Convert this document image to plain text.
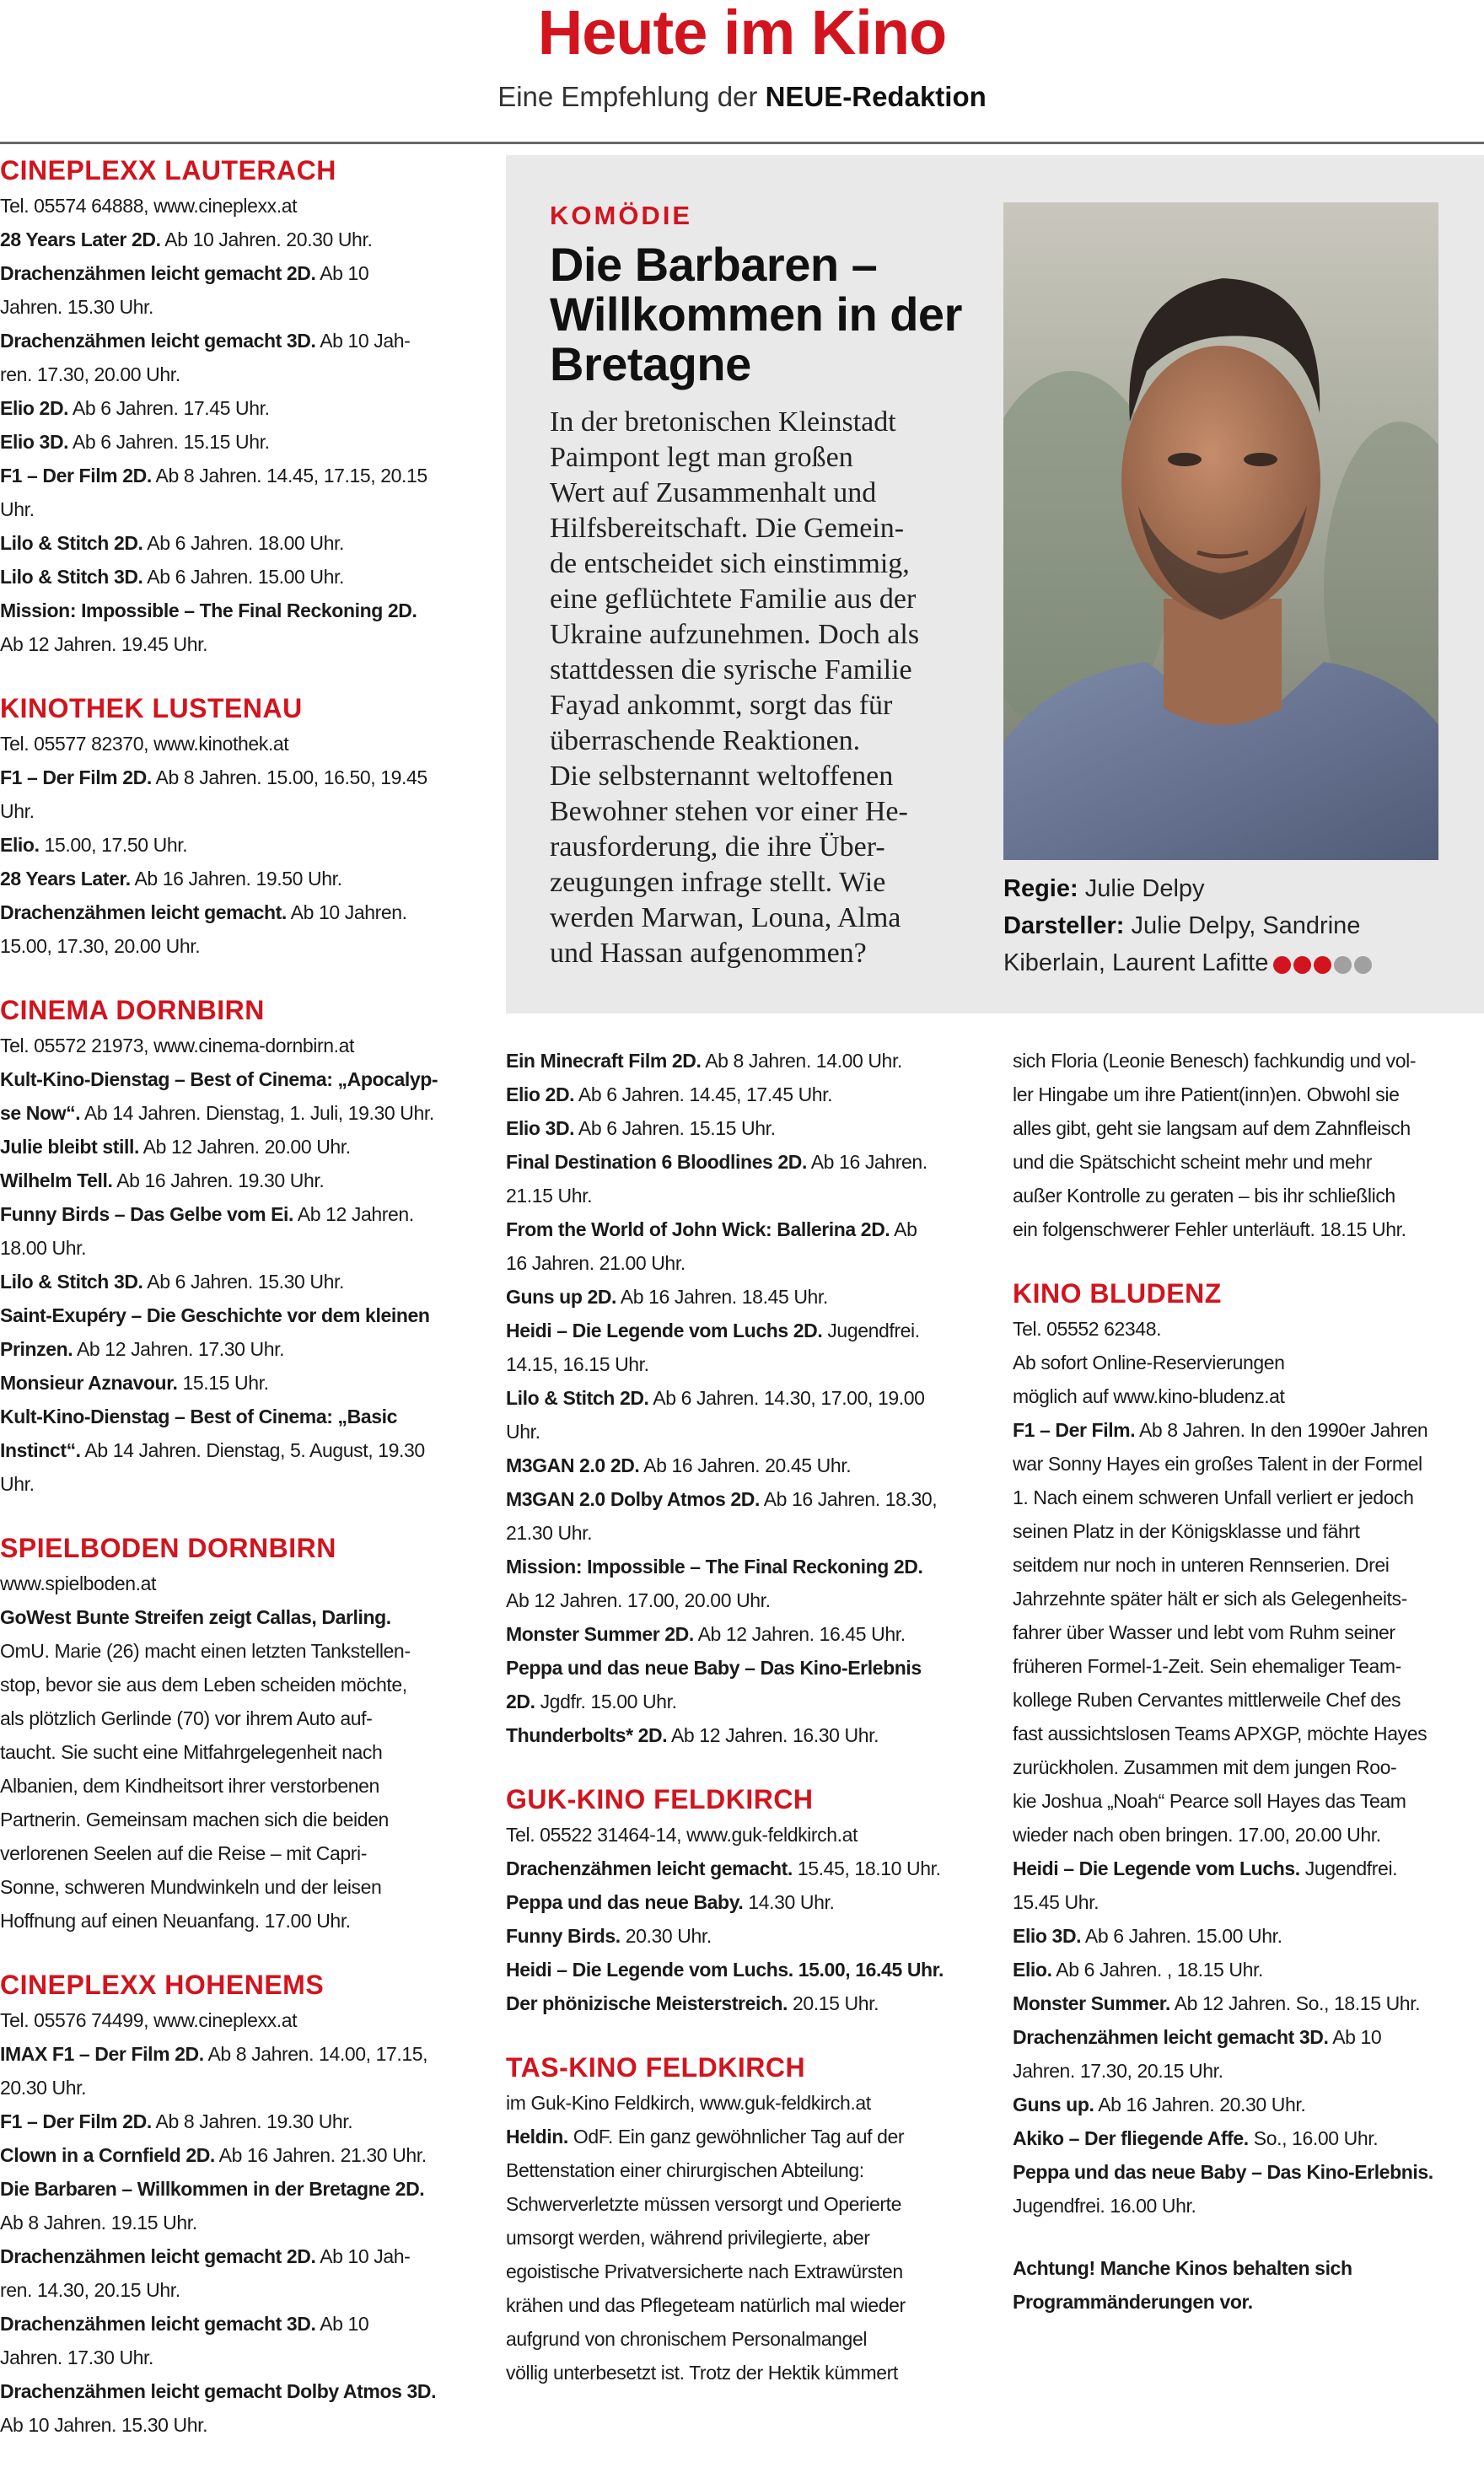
Heute im Kino
Eine Empfehlung der NEUE-Redaktion
CINEPLEXX LAUTERACH

Tel. 05574 64888, www.cineplexx.at

28 Years Later 2D. Ab 10 Jahren. 20.30 Uhr.

Drachenzähmen leicht gemacht 2D. Ab 10

Jahren. 15.30 Uhr.

Drachenzähmen leicht gemacht 3D. Ab 10 Jah-

ren. 17.30, 20.00 Uhr.

Elio 2D. Ab 6 Jahren. 17.45 Uhr.

Elio 3D. Ab 6 Jahren. 15.15 Uhr.

F1 – Der Film 2D. Ab 8 Jahren. 14.45, 17.15, 20.15

Uhr.

Lilo & Stitch 2D. Ab 6 Jahren. 18.00 Uhr.

Lilo & Stitch 3D. Ab 6 Jahren. 15.00 Uhr.

Mission: Impossible – The Final Reckoning 2D.

Ab 12 Jahren. 19.45 Uhr.

KINOTHEK LUSTENAU

Tel. 05577 82370, www.kinothek.at

F1 – Der Film 2D. Ab 8 Jahren. 15.00, 16.50, 19.45

Uhr.

Elio. 15.00, 17.50 Uhr.

28 Years Later. Ab 16 Jahren. 19.50 Uhr.

Drachenzähmen leicht gemacht. Ab 10 Jahren.

15.00, 17.30, 20.00 Uhr.

CINEMA DORNBIRN

Tel. 05572 21973, www.cinema-dornbirn.at

Kult-Kino-Dienstag – Best of Cinema: „Apocalyp-

se Now“. Ab 14 Jahren. Dienstag, 1. Juli, 19.30 Uhr.

Julie bleibt still. Ab 12 Jahren. 20.00 Uhr.

Wilhelm Tell. Ab 16 Jahren. 19.30 Uhr.

Funny Birds – Das Gelbe vom Ei. Ab 12 Jahren.

18.00 Uhr.

Lilo & Stitch 3D. Ab 6 Jahren. 15.30 Uhr.

Saint-Exupéry – Die Geschichte vor dem kleinen

Prinzen. Ab 12 Jahren. 17.30 Uhr.

Monsieur Aznavour. 15.15 Uhr.

Kult-Kino-Dienstag – Best of Cinema: „Basic

Instinct“. Ab 14 Jahren. Dienstag, 5. August, 19.30

Uhr.

SPIELBODEN DORNBIRN

www.spielboden.at

GoWest Bunte Streifen zeigt Callas, Darling.

OmU. Marie (26) macht einen letzten Tankstellen-

stop, bevor sie aus dem Leben scheiden möchte,

als plötzlich Gerlinde (70) vor ihrem Auto auf-

taucht. Sie sucht eine Mitfahrgelegenheit nach

Albanien, dem Kindheitsort ihrer verstorbenen

Partnerin. Gemeinsam machen sich die beiden

verlorenen Seelen auf die Reise – mit Capri-

Sonne, schweren Mundwinkeln und der leisen

Hoffnung auf einen Neuanfang. 17.00 Uhr.

CINEPLEXX HOHENEMS

Tel. 05576 74499, www.cineplexx.at

IMAX F1 – Der Film 2D. Ab 8 Jahren. 14.00, 17.15,

20.30 Uhr.

F1 – Der Film 2D. Ab 8 Jahren. 19.30 Uhr.

Clown in a Cornfield 2D. Ab 16 Jahren. 21.30 Uhr.

Die Barbaren – Willkommen in der Bretagne 2D.

Ab 8 Jahren. 19.15 Uhr.

Drachenzähmen leicht gemacht 2D. Ab 10 Jah-

ren. 14.30, 20.15 Uhr.

Drachenzähmen leicht gemacht 3D. Ab 10

Jahren. 17.30 Uhr.

Drachenzähmen leicht gemacht Dolby Atmos 3D.

Ab 10 Jahren. 15.30 Uhr.

KOMÖDIE
Die Barbaren –
Willkommen in der
Bretagne

In der bretonischen Kleinstadt
Paimpont legt man großen
Wert auf Zusammenhalt und
Hilfsbereitschaft. Die Gemein-
de entscheidet sich einstimmig,
eine geflüchtete Familie aus der
Ukraine aufzunehmen. Doch als
stattdessen die syrische Familie
Fayad ankommt, sorgt das für
überraschende Reaktionen.
Die selbsternannt weltoffenen
Bewohner stehen vor einer He-
rausforderung, die ihre Über-
zeugungen infrage stellt. Wie
werden Marwan, Louna, Alma
und Hassan aufgenommen?

Regie: Julie Delpy
Darsteller: Julie Delpy, Sandrine
Kiberlain, Laurent Lafitte

Ein Minecraft Film 2D. Ab 8 Jahren. 14.00 Uhr.

Elio 2D. Ab 6 Jahren. 14.45, 17.45 Uhr.

Elio 3D. Ab 6 Jahren. 15.15 Uhr.

Final Destination 6 Bloodlines 2D. Ab 16 Jahren.

21.15 Uhr.

From the World of John Wick: Ballerina 2D. Ab

16 Jahren. 21.00 Uhr.

Guns up 2D. Ab 16 Jahren. 18.45 Uhr.

Heidi – Die Legende vom Luchs 2D. Jugendfrei.

14.15, 16.15 Uhr.

Lilo & Stitch 2D. Ab 6 Jahren. 14.30, 17.00, 19.00

Uhr.

M3GAN 2.0 2D. Ab 16 Jahren. 20.45 Uhr.

M3GAN 2.0 Dolby Atmos 2D. Ab 16 Jahren. 18.30,

21.30 Uhr.

Mission: Impossible – The Final Reckoning 2D.

Ab 12 Jahren. 17.00, 20.00 Uhr.

Monster Summer 2D. Ab 12 Jahren. 16.45 Uhr.

Peppa und das neue Baby – Das Kino-Erlebnis

2D. Jgdfr. 15.00 Uhr.

Thunderbolts* 2D. Ab 12 Jahren. 16.30 Uhr.

GUK-KINO FELDKIRCH

Tel. 05522 31464-14, www.guk-feldkirch.at

Drachenzähmen leicht gemacht. 15.45, 18.10 Uhr.

Peppa und das neue Baby. 14.30 Uhr.

Funny Birds. 20.30 Uhr.

Heidi – Die Legende vom Luchs. 15.00, 16.45 Uhr.

Der phönizische Meisterstreich. 20.15 Uhr.

TAS-KINO FELDKIRCH

im Guk-Kino Feldkirch, www.guk-feldkirch.at

Heldin. OdF. Ein ganz gewöhnlicher Tag auf der

Bettenstation einer chirurgischen Abteilung:

Schwerverletzte müssen versorgt und Operierte

umsorgt werden, während privilegierte, aber

egoistische Privatversicherte nach Extrawürsten

krähen und das Pflegeteam natürlich mal wieder

aufgrund von chronischem Personalmangel

völlig unterbesetzt ist. Trotz der Hektik kümmert

sich Floria (Leonie Benesch) fachkundig und vol-

ler Hingabe um ihre Patient(inn)en. Obwohl sie

alles gibt, geht sie langsam auf dem Zahnfleisch

und die Spätschicht scheint mehr und mehr

außer Kontrolle zu geraten – bis ihr schließlich

ein folgenschwerer Fehler unterläuft. 18.15 Uhr.

KINO BLUDENZ

Tel. 05552 62348.

Ab sofort Online-Reservierungen

möglich auf www.kino-bludenz.at

F1 – Der Film. Ab 8 Jahren. In den 1990er Jahren

war Sonny Hayes ein großes Talent in der Formel

1. Nach einem schweren Unfall verliert er jedoch

seinen Platz in der Königsklasse und fährt

seitdem nur noch in unteren Rennserien. Drei

Jahrzehnte später hält er sich als Gelegenheits-

fahrer über Wasser und lebt vom Ruhm seiner

früheren Formel-1-Zeit. Sein ehemaliger Team-

kollege Ruben Cervantes mittlerweile Chef des

fast aussichtslosen Teams APXGP, möchte Hayes

zurückholen. Zusammen mit dem jungen Roo-

kie Joshua „Noah“ Pearce soll Hayes das Team

wieder nach oben bringen. 17.00, 20.00 Uhr.

Heidi – Die Legende vom Luchs. Jugendfrei.

15.45 Uhr.

Elio 3D. Ab 6 Jahren. 15.00 Uhr.

Elio. Ab 6 Jahren. , 18.15 Uhr.

Monster Summer. Ab 12 Jahren. So., 18.15 Uhr.

Drachenzähmen leicht gemacht 3D. Ab 10

Jahren. 17.30, 20.15 Uhr.

Guns up. Ab 16 Jahren. 20.30 Uhr.

Akiko – Der fliegende Affe. So., 16.00 Uhr.

Peppa und das neue Baby – Das Kino-Erlebnis.

Jugendfrei. 16.00 Uhr.

Achtung! Manche Kinos behalten sich

Programmänderungen vor.
